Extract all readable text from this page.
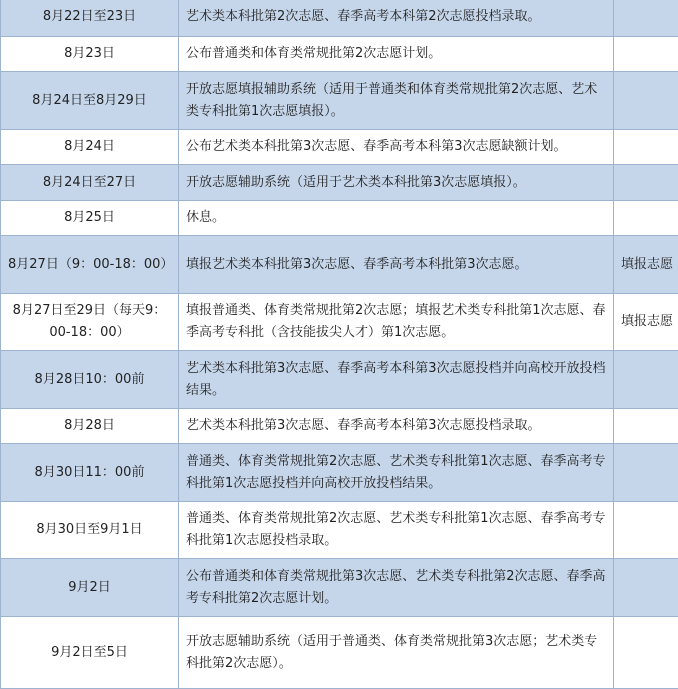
8月22日至23日	艺术类本科批第2次志愿、春季高考本科第2次志愿投档录取。	
8月23日	公布普通类和体育类常规批第2次志愿计划。	
8月24日至8月29日	开放志愿填报辅助系统（适用于普通类和体育类常规批第2次志愿、艺术类专科批第1次志愿填报）。	
8月24日	公布艺术类本科批第3次志愿、春季高考本科第3次志愿缺额计划。	
8月24日至27日	开放志愿辅助系统（适用于艺术类本科批第3次志愿填报）。	
8月25日	休息。	
8月27日（9：00-18：00）	填报艺术类本科批第3次志愿、春季高考本科批第3次志愿。	填报志愿
8月27日至29日（每天9：00-18：00）	填报普通类、体育类常规批第2次志愿；填报艺术类专科批第1次志愿、春季高考专科批（含技能拔尖人才）第1次志愿。	填报志愿
8月28日10：00前	艺术类本科批第3次志愿、春季高考本科第3次志愿投档并向高校开放投档结果。	
8月28日	艺术类本科批第3次志愿、春季高考本科第3次志愿投档录取。	
8月30日11：00前	普通类、体育类常规批第2次志愿、艺术类专科批第1次志愿、春季高考专科批第1次志愿投档并向高校开放投档结果。	
8月30日至9月1日	普通类、体育类常规批第2次志愿、艺术类专科批第1次志愿、春季高考专科批第1次志愿投档录取。	
9月2日	公布普通类和体育类常规批第3次志愿、艺术类专科批第2次志愿、春季高考专科批第2次志愿计划。	
9月2日至5日	开放志愿辅助系统（适用于普通类、体育类常规批第3次志愿；艺术类专科批第2次志愿）。	
